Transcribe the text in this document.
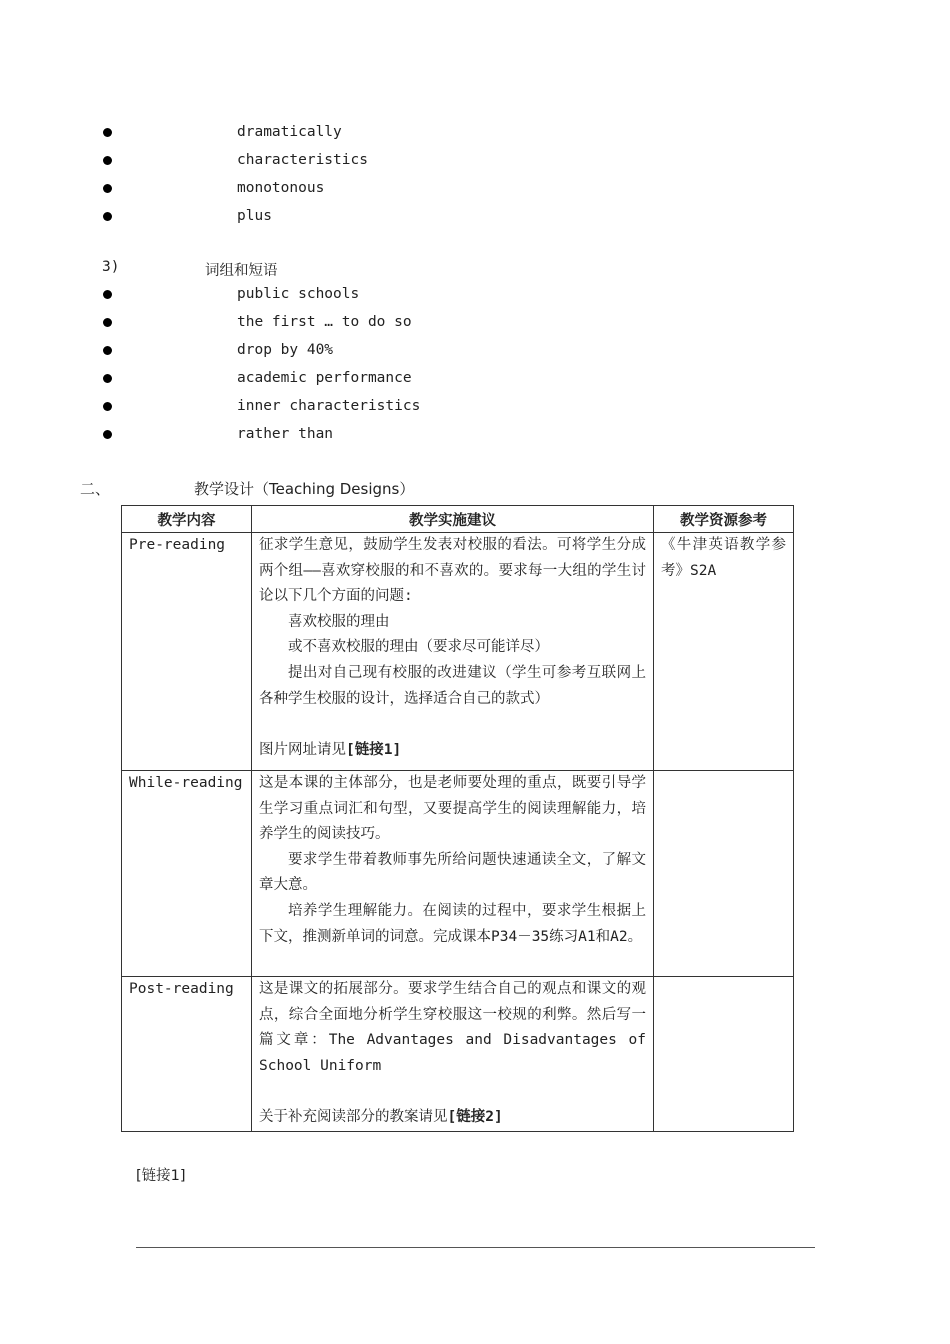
dramatically
characteristics
monotonous
plus
3)	词组和短语
public schools
the first … to do so
drop by 40%
academic performance
inner characteristics
rather than
二、	教学设计（Teaching Designs）
教学内容	教学实施建议	教学资源参考
Pre-reading	征求学生意见，鼓励学生发表对校服的看法。可将学生分成两个组——喜欢穿校服的和不喜欢的。要求每一大组的学生讨论以下几个方面的问题:

喜欢校服的理由

或不喜欢校服的理由（要求尽可能详尽）

提出对自己现有校服的改进建议（学生可参考互联网上各种学生校服的设计，选择适合自己的款式）

图片网址请见[链接1]	《牛津英语教学参考》S2A
While-reading	这是本课的主体部分，也是老师要处理的重点，既要引导学生学习重点词汇和句型，又要提高学生的阅读理解能力，培养学生的阅读技巧。

要求学生带着教师事先所给问题快速通读全文，了解文章大意。

培养学生理解能力。在阅读的过程中，要求学生根据上下文，推测新单词的词意。完成课本P34－35练习A1和A2。	

Post-reading	这是课文的拓展部分。要求学生结合自己的观点和课文的观点，综合全面地分析学生穿校服这一校规的利弊。然后写一篇文章：The Advantages and Disadvantages of School Uniform

关于补充阅读部分的教案请见[链接2]	

[链接1]
